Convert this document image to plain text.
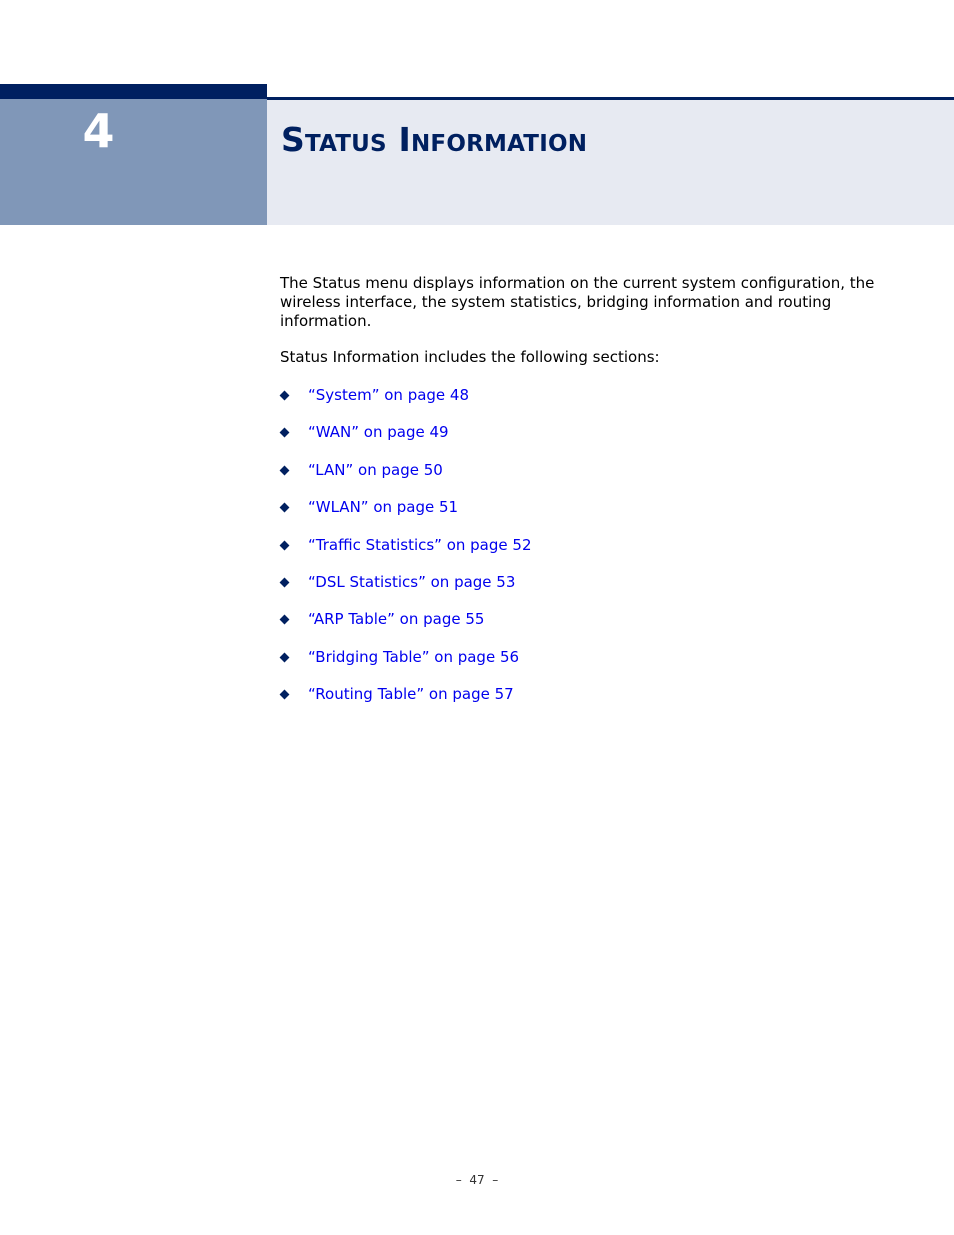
4	Status Information

The Status menu displays information on the current system configuration, the wireless interface, the system statistics, bridging information and routing information.

Status Information includes the following sections:

“System” on page 48
“WAN” on page 49
“LAN” on page 50
“WLAN” on page 51
“Traffic Statistics” on page 52
“DSL Statistics” on page 53
“ARP Table” on page 55
“Bridging Table” on page 56
“Routing Table” on page 57
–  47  –
